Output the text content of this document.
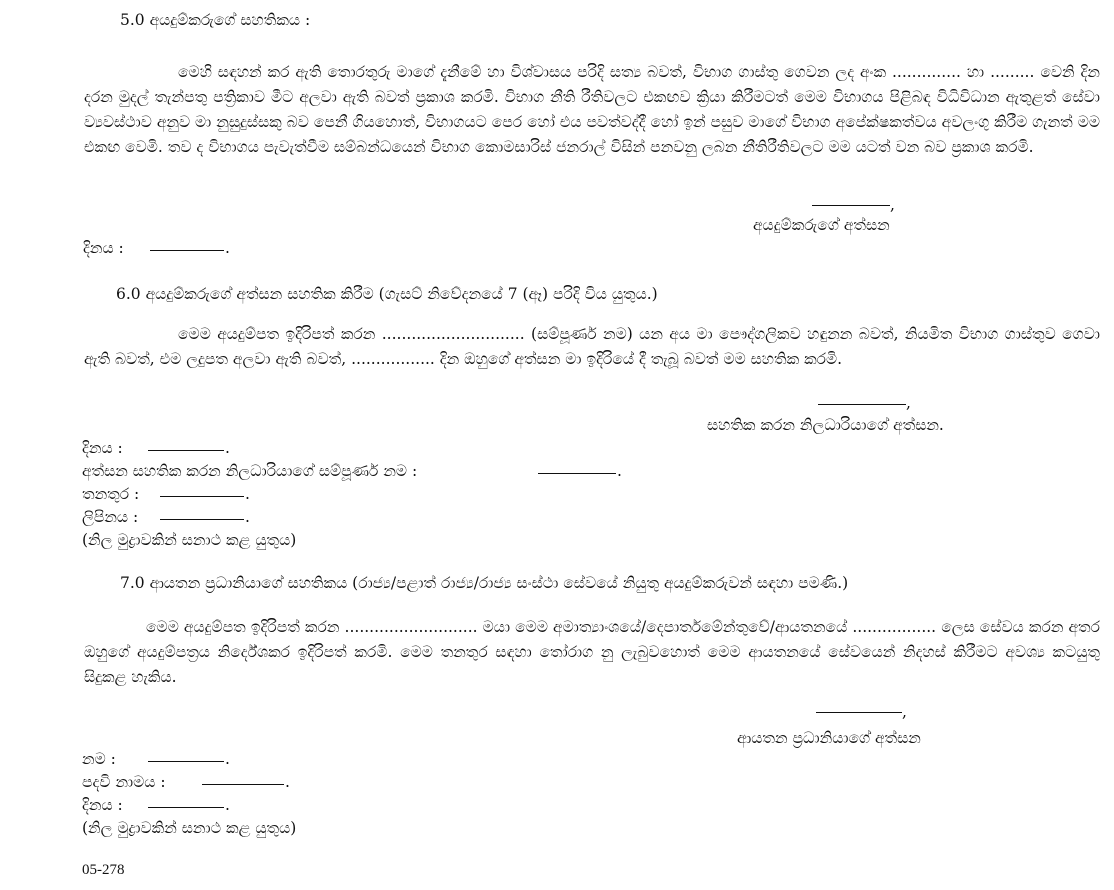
5.0 අයදුම්කරුගේ සහතිකය :
මෙහි සඳහන් කර ඇති තොරතුරු මාගේ දැනීමේ හා විශ්වාසය පරිදි සත්‍ය බවත්, විභාග ගාස්තු ගෙවන ලද අංක .............. හා ......... වෙනි දින දරන මුදල් තැන්පතු පත්‍රිකාව මීට අලවා ඇති බවත් ප්‍රකාශ කරමි. විභාග නීති රීතිවලට එකඟව ක්‍රියා කිරීමටත් මෙම විභාගය පිළිබඳ විධිවිධාන ඇතුළත් සේවා ව්‍යවස්ථාව අනුව මා නුසුදුස්සකු බව පෙනී ගියහොත්, විභාගයට පෙර හෝ එය පවත්වද්දී හෝ ඉන් පසුව මාගේ විභාග අපේක්ෂකත්වය අවලංගු කිරීම ගැනත් මම එකඟ වෙමි. තව ද විභාගය පැවැත්වීම සම්බන්ධයෙන් විභාග කොමසාරිස් ජනරාල් විසින් පනවනු ලබන නීතිරීතිවලට මම යටත් වන බව ප්‍රකාශ කරමි.
,
අයදුම්කරුගේ අත්සන
දිනය :	.
6.0 අයදුම්කරුගේ අත්සන සහතික කිරීම (ගැසට් නිවේදනයේ 7 (ඈ) පරිදි විය යුතුය.)
මෙම අයදුම්පත ඉදිරිපත් කරන ............................. (සම්පූර්ණ නම) යන අය මා පෞද්ගලිකව හඳුනන බවත්, නියමිත විභාග ගාස්තුව ගෙවා ඇති බවත්, එම ලදුපත අලවා ඇති බවත්, ................. දින ඔහුගේ අත්සන මා ඉදිරියේ දී තැබූ බවත් මම සහතික කරමි.
,
සහතික කරන නිලධාරියාගේ අත්සන.
දිනය :	.
අත්සන සහතික කරන නිලධාරියාගේ සම්පූර්ණ නම :	.
තනතුර :	.
ලිපිනය :	.
(නිල මුද්‍රාවකින් සනාථ කළ යුතුය)
7.0 ආයතන ප්‍රධානියාගේ සහතිකය (රාජ්‍ය/පළාත් රාජ්‍ය/රාජ්‍ය සංස්ථා සේවයේ නියුතු අයදුම්කරුවන් සඳහා පමණි.)
මෙම අයදුම්පත ඉදිරිපත් කරන ........................... මයා මෙම අමාත්‍යාංශයේ/දෙපාර්තමේන්තුවේ/ආයතනයේ ................. ලෙස සේවය කරන අතර ඔහුගේ අයදුම්පත්‍රය නිර්දේශකර ඉදිරිපත් කරමි. මෙම තනතුර සඳහා තෝරාග නු ලැබුවහොත් මෙම ආයතනයේ සේවයෙන් නිදහස් කිරීමට අවශ්‍ය කටයුතු සිදුකළ හැකිය.
,
ආයතන ප්‍රධානියාගේ අත්සන
නම :	.
පදවි නාමය :	.
දිනය :	.
(නිල මුද්‍රාවකින් සනාථ කළ යුතුය)
05-278
